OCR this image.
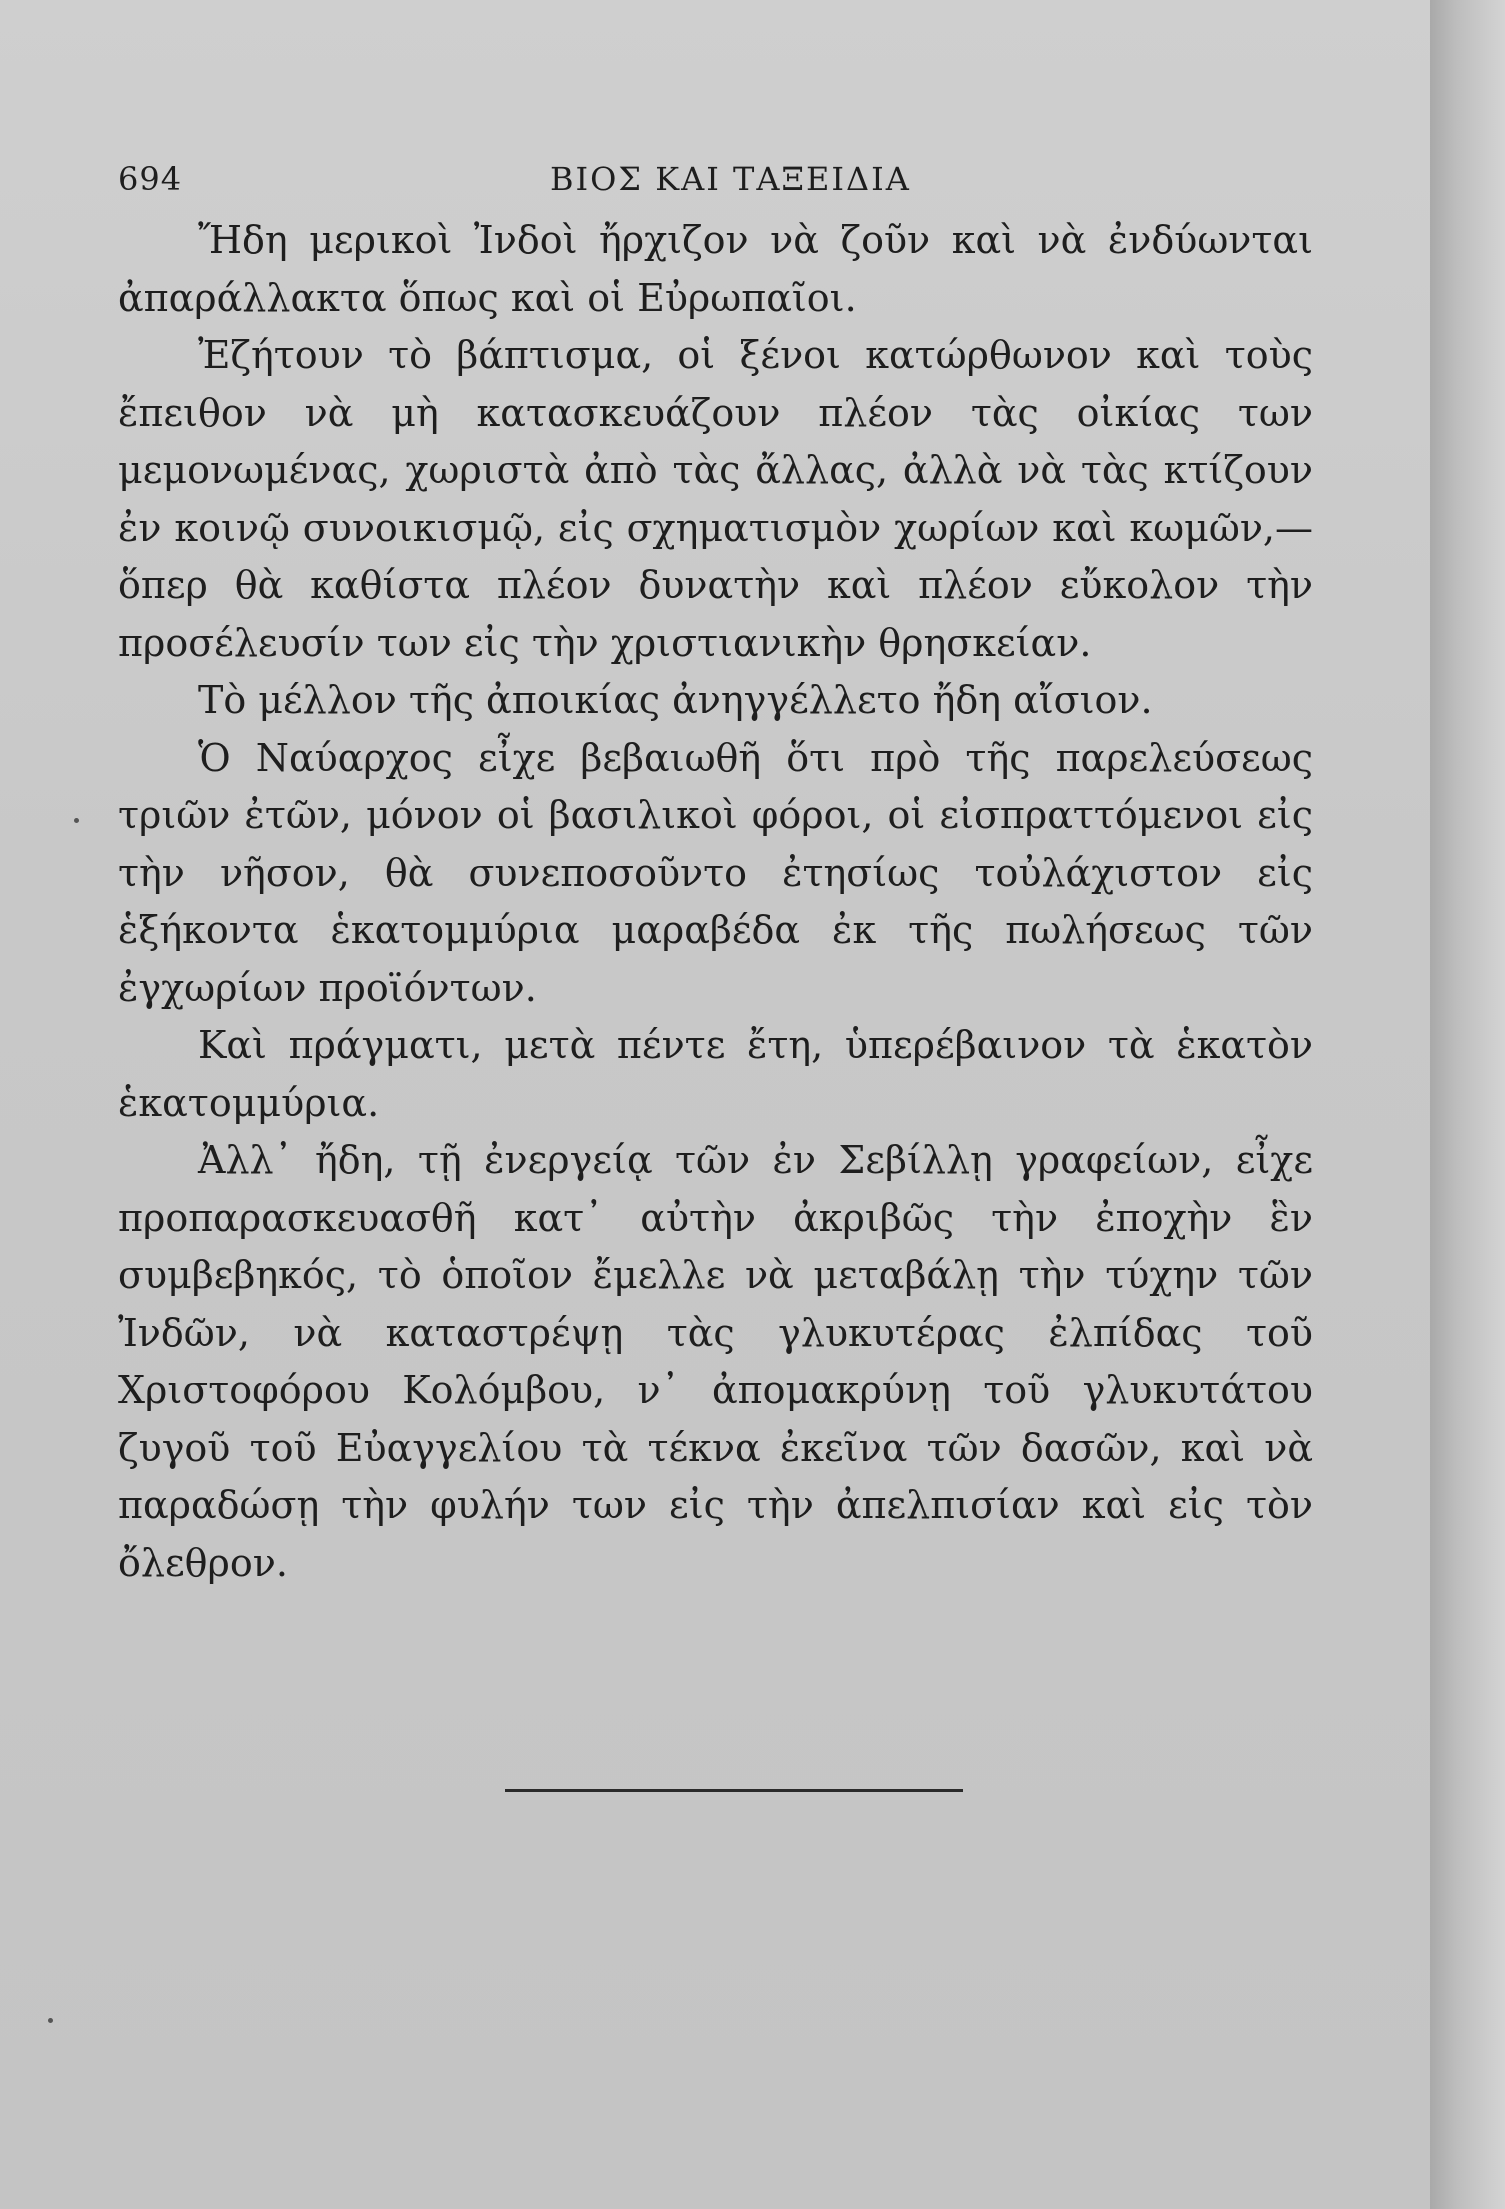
694	ΒΙΟΣ ΚΑΙ ΤΑΞΕΙΔΙΑ

Ἤδη μερικοὶ Ἰνδοὶ ἤρχιζον νὰ ζοῦν καὶ νὰ ἐνδύωνται ἀπαράλλακτα ὅπως καὶ οἱ Εὐρωπαῖοι.

Ἐζήτουν τὸ βάπτισμα, οἱ ξένοι κατώρθωνον καὶ τοὺς ἔπειθον νὰ μὴ κατασκευάζουν πλέον τὰς οἰκίας των μεμονωμένας, χωριστὰ ἀπὸ τὰς ἄλλας, ἀλλὰ νὰ τὰς κτίζουν ἐν κοινῷ συνοικισμῷ, εἰς σχηματισμὸν χωρίων καὶ κωμῶν,— ὅπερ θὰ καθίστα πλέον δυνατὴν καὶ πλέον εὔκολον τὴν προσέλευσίν των εἰς τὴν χριστιανικὴν θρησκείαν.

Τὸ μέλλον τῆς ἀποικίας ἀνηγγέλλετο ἤδη αἴσιον.

Ὁ Ναύαρχος εἶχε βεβαιωθῆ ὅτι πρὸ τῆς παρελεύσεως τριῶν ἐτῶν, μόνον οἱ βασιλικοὶ φόροι, οἱ εἰσπραττόμενοι εἰς τὴν νῆσον, θὰ συνεποσοῦντο ἐτησίως τοὐλάχιστον εἰς ἑξήκοντα ἑκατομμύρια μαραβέδα ἐκ τῆς πωλήσεως τῶν ἐγχωρίων προϊόντων.

Καὶ πράγματι, μετὰ πέντε ἔτη, ὑπερέβαινον τὰ ἑκατὸν ἑκατομμύρια.

Ἀλλ᾽ ἤδη, τῇ ἐνεργείᾳ τῶν ἐν Σεβίλλῃ γραφείων, εἶχε προπαρασκευασθῆ κατ᾽ αὐτὴν ἀκριβῶς τὴν ἐποχὴν ἓν συμβεβηκός, τὸ ὁποῖον ἔμελλε νὰ μεταβάλῃ τὴν τύχην τῶν Ἰνδῶν, νὰ καταστρέψῃ τὰς γλυκυτέρας ἐλπίδας τοῦ Χριστοφόρου Κολόμβου, ν᾽ ἀπομακρύνῃ τοῦ γλυκυτάτου ζυγοῦ τοῦ Εὐαγγελίου τὰ τέκνα ἐκεῖνα τῶν δασῶν, καὶ νὰ παραδώσῃ τὴν φυλήν των εἰς τὴν ἀπελπισίαν καὶ εἰς τὸν ὄλεθρον.
